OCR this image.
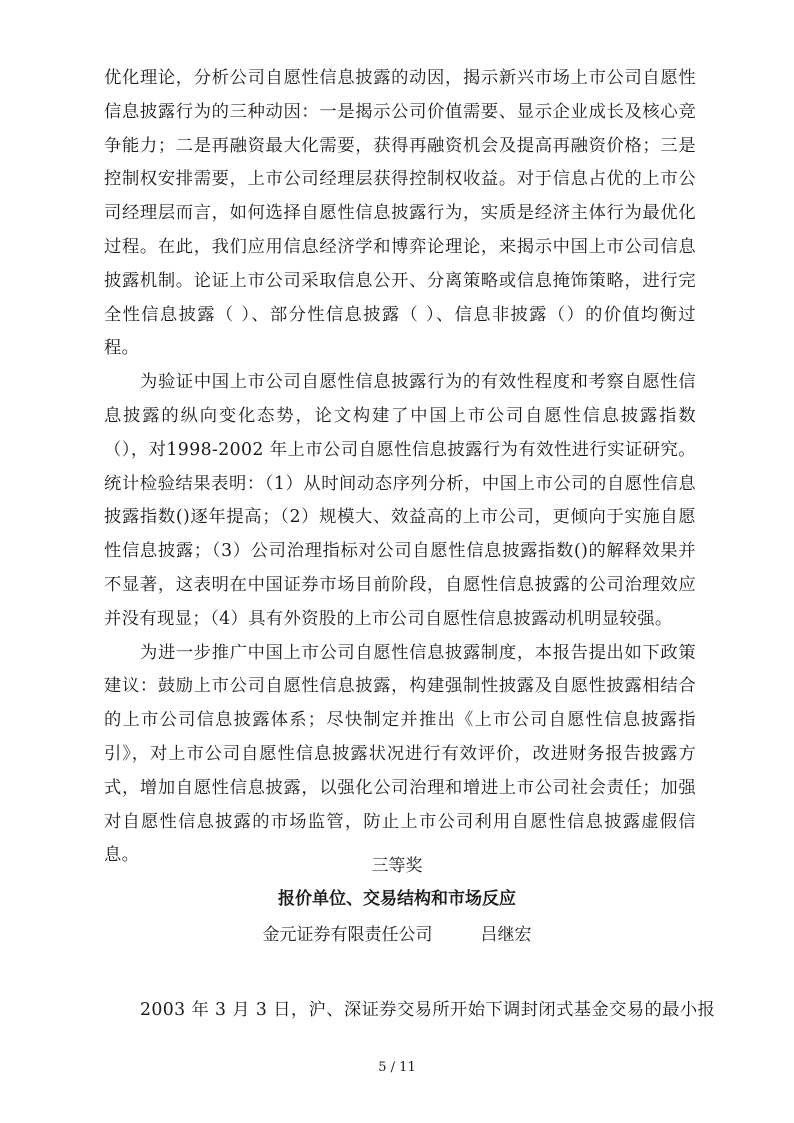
优化理论，分析公司自愿性信息披露的动因，揭示新兴市场上市公司自愿性信息披露行为的三种动因：一是揭示公司价值需要、显示企业成长及核心竞争能力；二是再融资最大化需要，获得再融资机会及提高再融资价格；三是控制权安排需要，上市公司经理层获得控制权收益。对于信息占优的上市公司经理层而言，如何选择自愿性信息披露行为，实质是经济主体行为最优化过程。在此，我们应用信息经济学和博弈论理论，来揭示中国上市公司信息披露机制。论证上市公司采取信息公开、分离策略或信息掩饰策略，进行完全性信息披露（ ）、部分性信息披露（ ）、信息非披露（）的价值均衡过程。

为验证中国上市公司自愿性信息披露行为的有效性程度和考察自愿性信息披露的纵向变化态势，论文构建了中国上市公司自愿性信息披露指数（），对1998-2002 年上市公司自愿性信息披露行为有效性进行实证研究。统计检验结果表明：（1）从时间动态序列分析，中国上市公司的自愿性信息披露指数()逐年提高；（2）规模大、效益高的上市公司，更倾向于实施自愿性信息披露；（3）公司治理指标对公司自愿性信息披露指数()的解释效果并不显著，这表明在中国证券市场目前阶段，自愿性信息披露的公司治理效应并没有现显；（4）具有外资股的上市公司自愿性信息披露动机明显较强。

为进一步推广中国上市公司自愿性信息披露制度，本报告提出如下政策建议：鼓励上市公司自愿性信息披露，构建强制性披露及自愿性披露相结合的上市公司信息披露体系；尽快制定并推出《上市公司自愿性信息披露指引》，对上市公司自愿性信息披露状况进行有效评价，改进财务报告披露方式，增加自愿性信息披露，以强化公司治理和增进上市公司社会责任；加强对自愿性信息披露的市场监管，防止上市公司利用自愿性信息披露虚假信息。

三等奖

报价单位、交易结构和市场反应

金元证券有限责任公司	吕继宏

2003 年 3 月 3 日，沪、深证券交易所开始下调封闭式基金交易的最小报

5 / 11
